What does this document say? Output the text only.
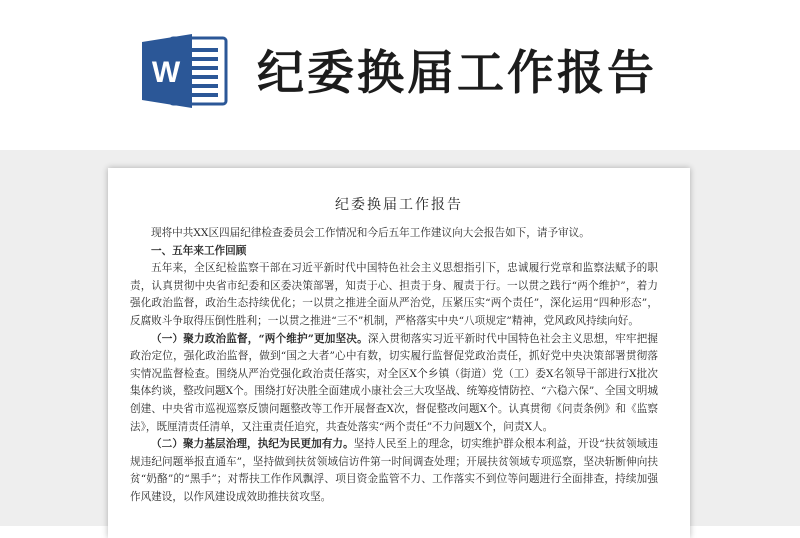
W 纪委换届工作报告
纪委换届工作报告

现将中共XX区四届纪律检查委员会工作情况和今后五年工作建议向大会报告如下，请予审议。

一、五年来工作回顾

五年来，全区纪检监察干部在习近平新时代中国特色社会主义思想指引下，忠诚履行党章和监察法赋予的职责，认真贯彻中央省市纪委和区委决策部署，知责于心、担责于身、履责于行。一以贯之践行“两个维护”，着力强化政治监督，政治生态持续优化；一以贯之推进全面从严治党，压紧压实“两个责任”，深化运用“四种形态”，反腐败斗争取得压倒性胜利；一以贯之推进“三不”机制，严格落实中央“八项规定”精神，党风政风持续向好。

（一）聚力政治监督，“两个维护”更加坚决。深入贯彻落实习近平新时代中国特色社会主义思想，牢牢把握政治定位，强化政治监督，做到“国之大者”心中有数，切实履行监督促党政治责任，抓好党中央决策部署贯彻落实情况监督检查。围绕从严治党强化政治责任落实，对全区X个乡镇（街道）党（工）委X名领导干部进行X批次集体约谈，整改问题X个。围绕打好决胜全面建成小康社会三大攻坚战、统筹疫情防控、“六稳六保”、全国文明城创建、中央省市巡视巡察反馈问题整改等工作开展督查X次，督促整改问题X个。认真贯彻《问责条例》和《监察法》，既厘清责任清单，又注重责任追究，共查处落实“两个责任”不力问题X个，问责X人。

（二）聚力基层治理，执纪为民更加有力。坚持人民至上的理念，切实维护群众根本利益，开设“扶贫领域违规违纪问题举报直通车”，坚持做到扶贫领域信访件第一时间调查处理；开展扶贫领域专项巡察，坚决斩断伸向扶贫“奶酪”的“黑手”；对帮扶工作作风飘浮、项目资金监管不力、工作落实不到位等问题进行全面排查，持续加强作风建设，以作风建设成效助推扶贫攻坚。
